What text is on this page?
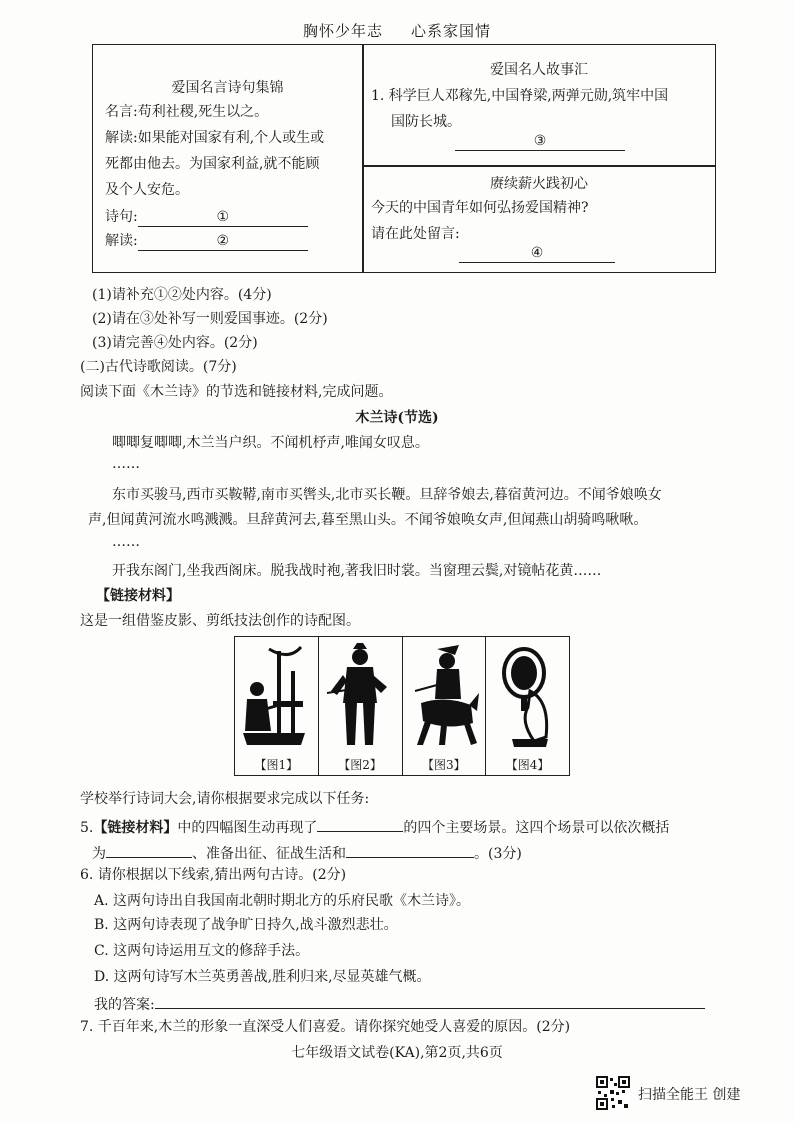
胸怀少年志 心系家国情
爱国名言诗句集锦
名言:苟利社稷,死生以之。
解读:如果能对国家有利,个人或生或
死都由他去。为国家利益,就不能顾
及个人安危。
诗句:	①
解读:	②
爱国名人故事汇
1. 科学巨人邓稼先,中国脊梁,两弹元勋,筑牢中国
国防长城。
③
赓续薪火践初心
今天的中国青年如何弘扬爱国精神?
请在此处留言:
④
(1)请补充①②处内容。(4分)
(2)请在③处补写一则爱国事迹。(2分)
(3)请完善④处内容。(2分)
(二)古代诗歌阅读。(7分)
阅读下面《木兰诗》的节选和链接材料,完成问题。
木兰诗(节选)
唧唧复唧唧,木兰当户织。不闻机杼声,唯闻女叹息。
……
东市买骏马,西市买鞍鞯,南市买辔头,北市买长鞭。旦辞爷娘去,暮宿黄河边。不闻爷娘唤女
声,但闻黄河流水鸣溅溅。旦辞黄河去,暮至黑山头。不闻爷娘唤女声,但闻燕山胡骑鸣啾啾。
……
开我东阁门,坐我西阁床。脱我战时袍,著我旧时裳。当窗理云鬓,对镜帖花黄……
【链接材料】
这是一组借鉴皮影、剪纸技法创作的诗配图。
【图1】	【图2】	【图3】	【图4】
学校举行诗词大会,请你根据要求完成以下任务:
5.【链接材料】中的四幅图生动再现了	的四个主要场景。这四个场景可以依次概括
为	、准备出征、征战生活和	。(3分)
6. 请你根据以下线索,猜出两句古诗。(2分)
A. 这两句诗出自我国南北朝时期北方的乐府民歌《木兰诗》。
B. 这两句诗表现了战争旷日持久,战斗激烈悲壮。
C. 这两句诗运用互文的修辞手法。
D. 这两句诗写木兰英勇善战,胜利归来,尽显英雄气概。
我的答案:
7. 千百年来,木兰的形象一直深受人们喜爱。请你探究她受人喜爱的原因。(2分)
七年级语文试卷(KA),第2页,共6页
扫描全能王 创建
